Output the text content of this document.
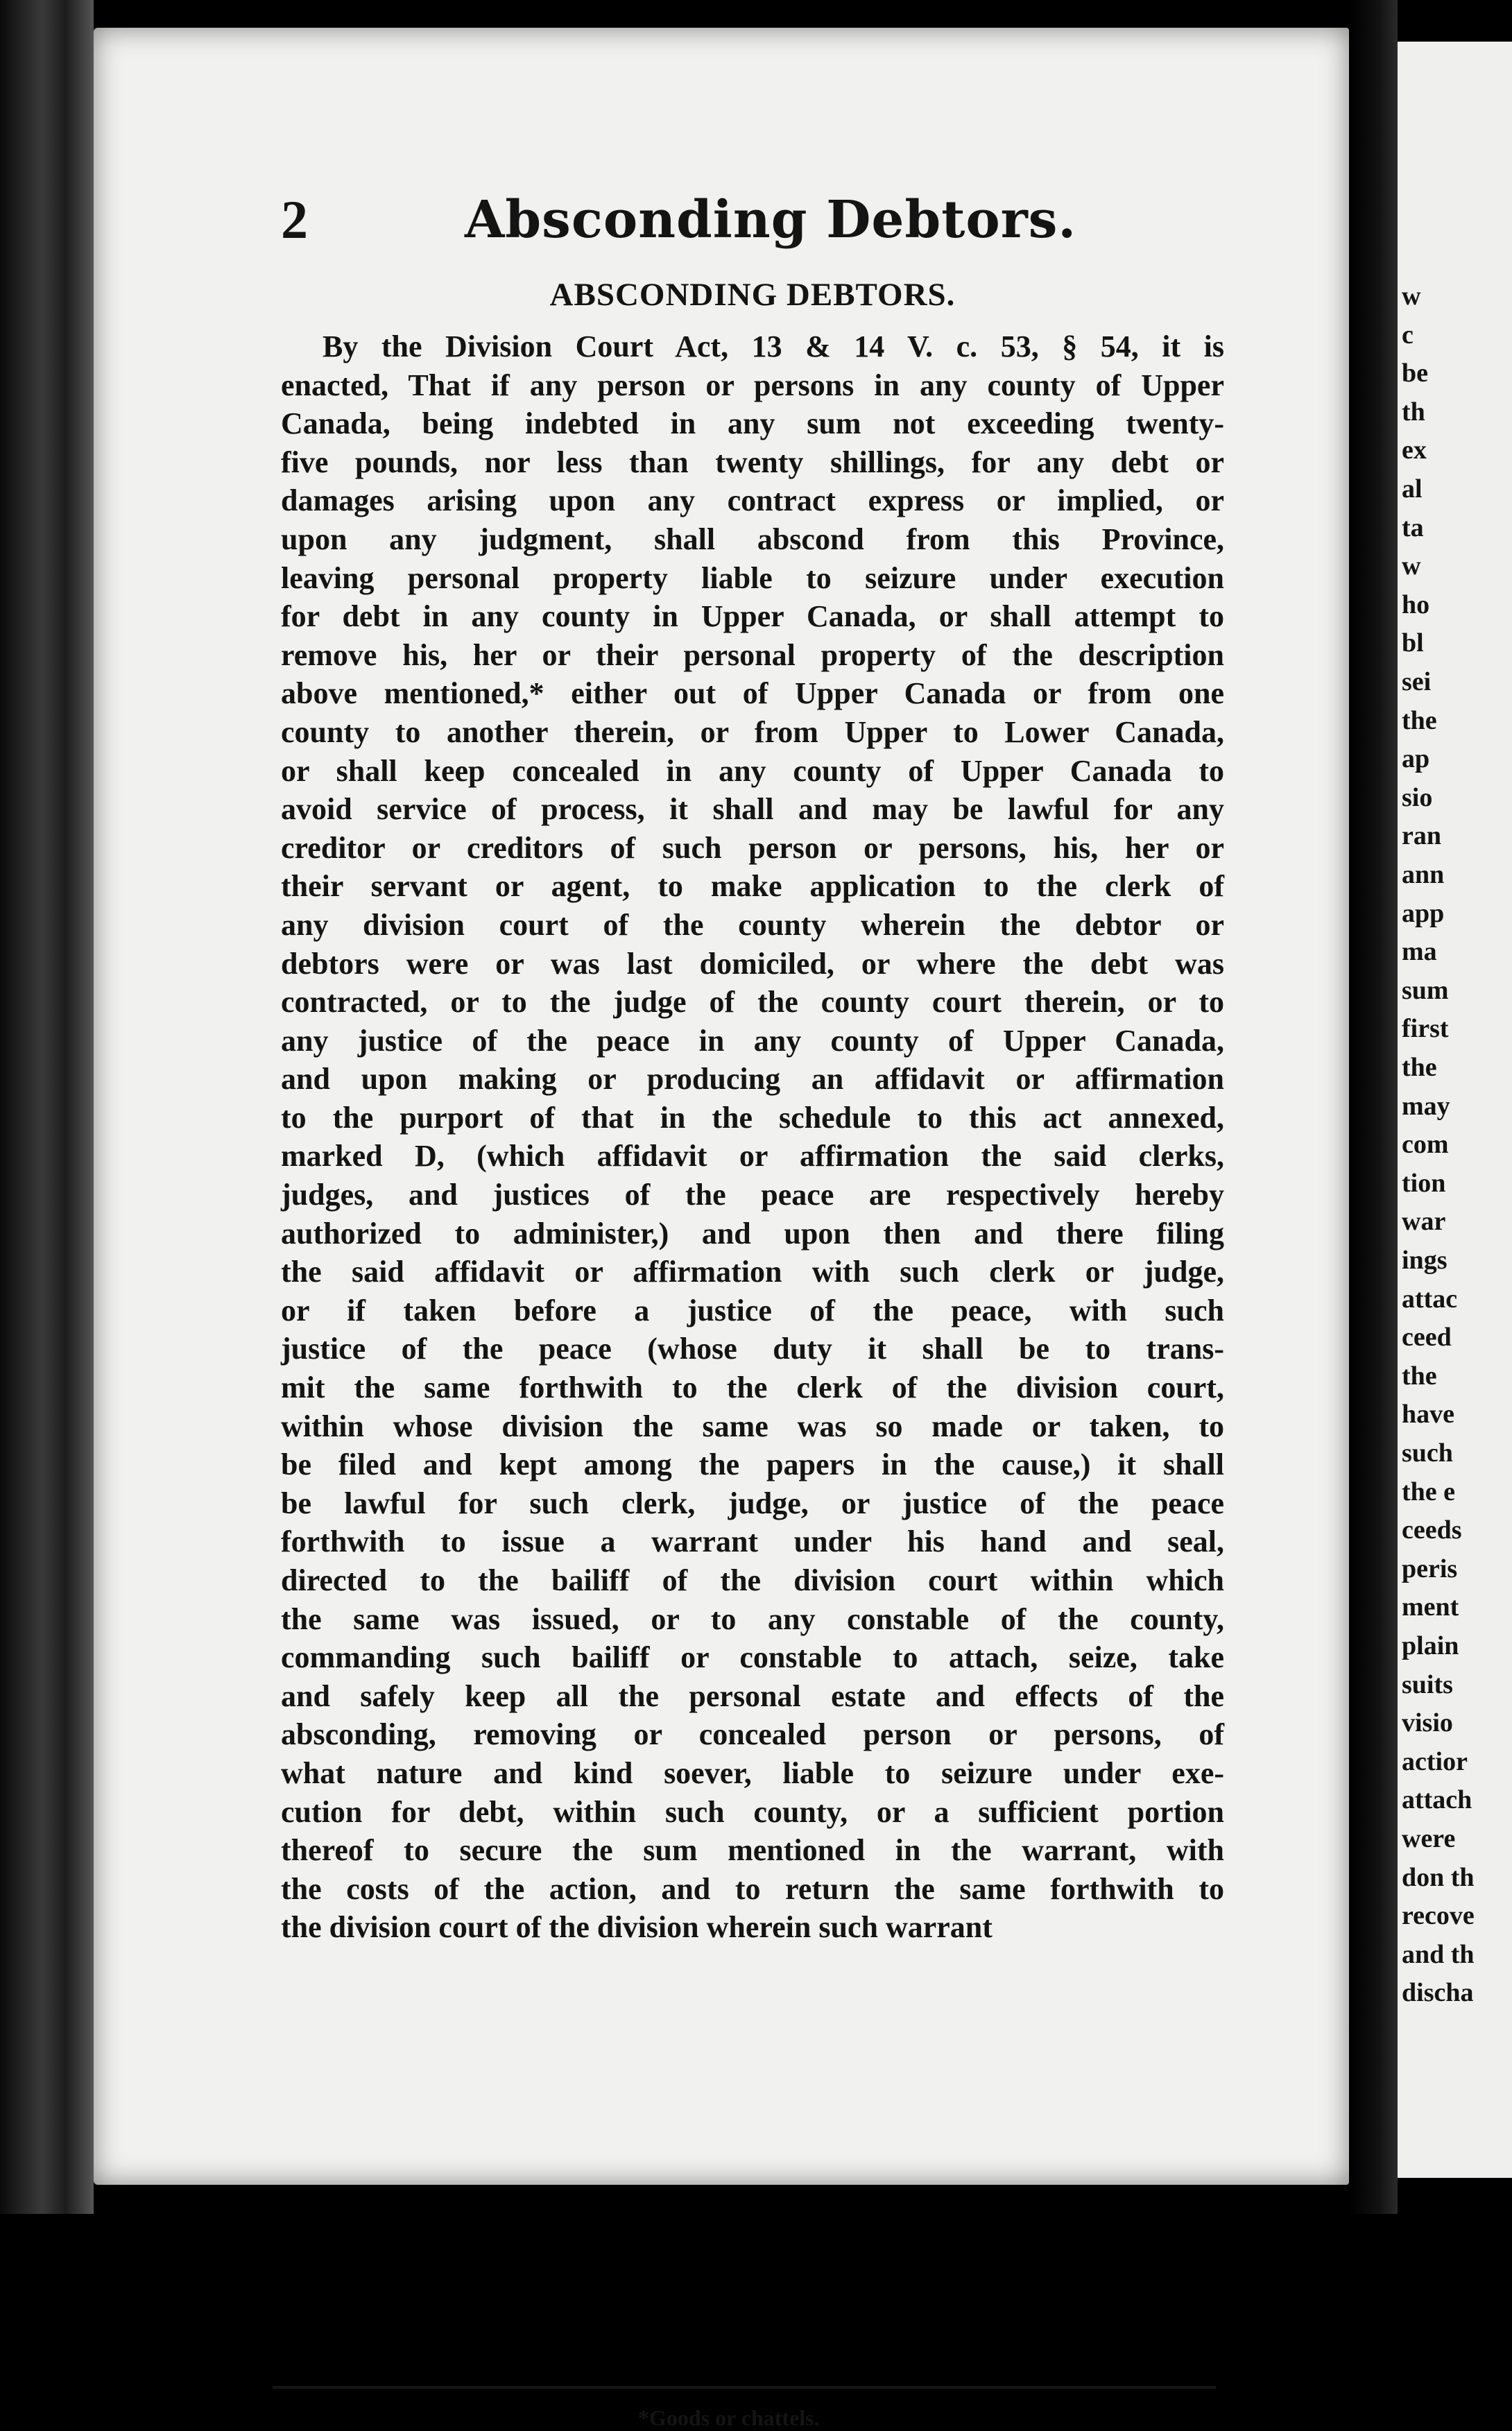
w
c
be
th
ex
al
ta
w
ho
bl
sei
the
ap
sio
ran
ann
app
ma
sum
first
the
may
com
tion
war
ings
attac
ceed
the
have
such
the e
ceeds
peris
ment
plain
suits
visio
actior
attach
were
don th
recove
and th
discha
2	Absconding Debtors.
ABSCONDING DEBTORS.
By the Division Court Act, 13 & 14 V. c. 53, § 54, it is
enacted, That if any person or persons in any county of Upper
Canada, being indebted in any sum not exceeding twenty-
five pounds, nor less than twenty shillings, for any debt or
damages arising upon any contract express or implied, or
upon any judgment, shall abscond from this Province,
leaving personal property liable to seizure under execution
for debt in any county in Upper Canada, or shall attempt to
remove his, her or their personal property of the description
above mentioned,* either out of Upper Canada or from one
county to another therein, or from Upper to Lower Canada,
or shall keep concealed in any county of Upper Canada to
avoid service of process, it shall and may be lawful for any
creditor or creditors of such person or persons, his, her or
their servant or agent, to make application to the clerk of
any division court of the county wherein the debtor or
debtors were or was last domiciled, or where the debt was
contracted, or to the judge of the county court therein, or to
any justice of the peace in any county of Upper Canada,
and upon making or producing an affidavit or affirmation
to the purport of that in the schedule to this act annexed,
marked D, (which affidavit or affirmation the said clerks,
judges, and justices of the peace are respectively hereby
authorized to administer,) and upon then and there filing
the said affidavit or affirmation with such clerk or judge,
or if taken before a justice of the peace, with such
justice of the peace (whose duty it shall be to trans-
mit the same forthwith to the clerk of the division court,
within whose division the same was so made or taken, to
be filed and kept among the papers in the cause,) it shall
be lawful for such clerk, judge, or justice of the peace
forthwith to issue a warrant under his hand and seal,
directed to the bailiff of the division court within which
the same was issued, or to any constable of the county,
commanding such bailiff or constable to attach, seize, take
and safely keep all the personal estate and effects of the
absconding, removing or concealed person or persons, of
what nature and kind soever, liable to seizure under exe-
cution for debt, within such county, or a sufficient portion
thereof to secure the sum mentioned in the warrant, with
the costs of the action, and to return the same forthwith to
the division court of the division wherein such warrant
*Goods or chattels.
